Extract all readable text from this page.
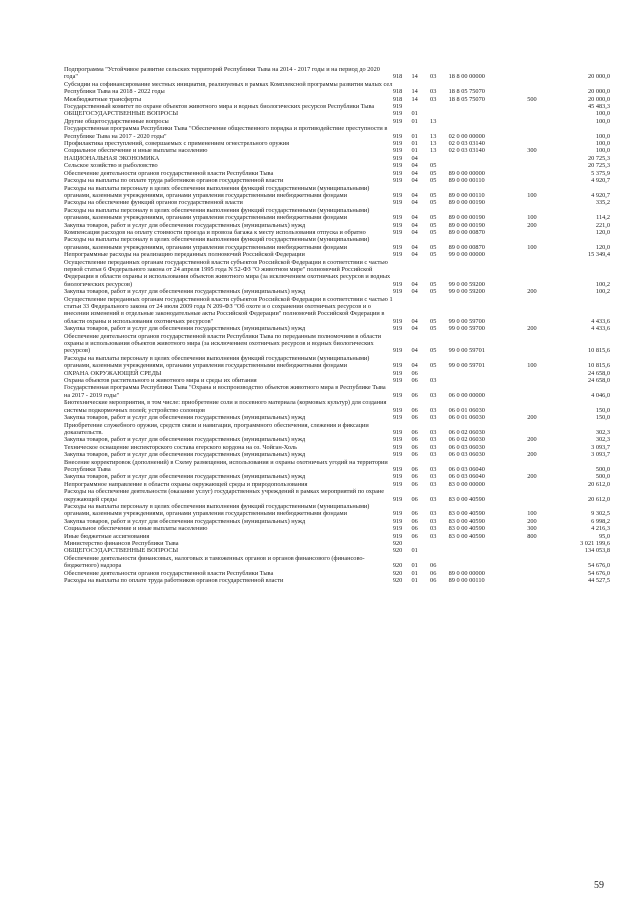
Подпрограмма "Устойчивое развитие сельских территорий Республики Тыва на 2014 - 2017 годы и на период до 2020 года"	918	14	03	18 8 00 00000		20 000,0
Субсидии на софинансирование местных инициатив, реализуемых в рамках Комплексной программы развития малых сел Республики Тыва на 2018 - 2022 годы	918	14	03	18 8 05 75070		20 000,0
Межбюджетные трансферты	918	14	03	18 8 05 75070	500	20 000,0
Государственный комитет по охране объектов животного мира и водных биологических ресурсов Республики Тыва	919					45 483,3
ОБЩЕГОСУДАРСТВЕННЫЕ ВОПРОСЫ	919	01				100,0
Другие общегосударственные вопросы	919	01	13			100,0
Государственная программа Республики Тыва "Обеспечение общественного порядка и противодействие преступности в Республике Тыва на 2017 - 2020 годы"	919	01	13	02 0 00 00000		100,0
Профилактика преступлений, совершаемых с применением огнестрельного оружия	919	01	13	02 0 03 03140		100,0
Социальное обеспечение и иные выплаты населению	919	01	13	02 0 03 03140	300	100,0
НАЦИОНАЛЬНАЯ ЭКОНОМИКА	919	04				20 725,3
Сельское хозяйство и рыболовство	919	04	05			20 725,3
Обеспечение деятельности органов государственной власти Республики Тыва	919	04	05	89 0 00 00000		5 375,9
Расходы на выплаты по оплате труда работников органов государственной власти	919	04	05	89 0 00 00110		4 920,7
Расходы на выплаты персоналу в целях обеспечения выполнения функций государственными (муниципальными) органами, казенными учреждениями, органами управления государственными внебюджетными фондами	919	04	05	89 0 00 00110	100	4 920,7
Расходы на обеспечение функций органов государственной власти	919	04	05	89 0 00 00190		335,2
Расходы на выплаты персоналу в целях обеспечения выполнения функций государственными (муниципальными) органами, казенными учреждениями, органами управления государственными внебюджетными фондами	919	04	05	89 0 00 00190	100	114,2
Закупка товаров, работ и услуг для обеспечения государственных (муниципальных) нужд	919	04	05	89 0 00 00190	200	221,0
Компенсация расходов на оплату стоимости проезда и провоза багажа к месту использования отпуска и обратно	919	04	05	89 0 00 00870		120,0
Расходы на выплаты персоналу в целях обеспечения выполнения функций государственными (муниципальными) органами, казенными учреждениями, органами управления государственными внебюджетными фондами	919	04	05	89 0 00 00870	100	120,0
Непрограммные расходы на реализацию переданных полномочий Российской Федерации	919	04	05	99 0 00 00000		15 349,4
Осуществление переданных органам государственной власти субъектов Российской Федерации в соответствии с частью первой статьи 6 Федерального закона от 24 апреля 1995 года N 52-ФЗ "О животном мире" полномочий Российской Федерации в области охраны и использования объектов животного мира (за исключением охотничьих ресурсов и водных биологических ресурсов)	919	04	05	99 0 00 59200		100,2
Закупка товаров, работ и услуг для обеспечения государственных (муниципальных) нужд	919	04	05	99 0 00 59200	200	100,2
Осуществление переданных органам государственной власти субъектов Российской Федерации в соответствии с частью 1 статьи 33 Федерального закона от 24 июля 2009 года N 209-ФЗ "Об охоте и о сохранении охотничьих ресурсов и о внесении изменений в отдельные законодательные акты Российской Федерации" полномочий Российской Федерации в области охраны и использования охотничьих ресурсов"	919	04	05	99 0 00 59700		4 433,6
Закупка товаров, работ и услуг для обеспечения государственных (муниципальных) нужд	919	04	05	99 0 00 59700	200	4 433,6
Обеспечение деятельности органов государственной власти Республики Тыва по переданным полномочиям в области охраны и использования объектов животного мира (за исключением охотничьих ресурсов и водных биологических ресурсов)	919	04	05	99 0 00 59701		10 815,6
Расходы на выплаты персоналу в целях обеспечения выполнения функций государственными (муниципальными) органами, казенными учреждениями, органами управления государственными внебюджетными фондами	919	04	05	99 0 00 59701	100	10 815,6
ОХРАНА ОКРУЖАЮЩЕЙ СРЕДЫ	919	06				24 658,0
Охрана объектов растительного и животного мира и среды их обитания	919	06	03			24 658,0
Государственная программа Республики Тыва "Охрана и воспроизводство объектов животного мира в Республике Тыва на 2017 - 2019 годы"	919	06	03	06 0 00 00000		4 046,0
Биотехнические мероприятия, в том числе: приобретение соли и посевного материала (кормовых культур) для создания системы подкормочных полей; устройство солонцов	919	06	03	06 0 01 06030		150,0
Закупка товаров, работ и услуг для обеспечения государственных (муниципальных) нужд	919	06	03	06 0 01 06030	200	150,0
Приобретение служебного оружия, средств связи и навигации, программного обеспечения, слежения и фиксации доказательств.	919	06	03	06 0 02 06030		302,3
Закупка товаров, работ и услуг для обеспечения государственных (муниципальных) нужд	919	06	03	06 0 02 06030	200	302,3
Техническое оснащение инспекторского состава егерского кордона на оз. Чойган-Холь	919	06	03	06 0 03 06030		3 093,7
Закупка товаров, работ и услуг для обеспечения государственных (муниципальных) нужд	919	06	03	06 0 03 06030	200	3 093,7
Внесение корректировок (дополнений) в Схему размещения, использования и охраны охотничьих угодий на территории Республики Тыва	919	06	03	06 0 03 06040		500,0
Закупка товаров, работ и услуг для обеспечения государственных (муниципальных) нужд	919	06	03	06 0 03 06040	200	500,0
Непрограммное направление в области охраны окружающей среды и природопользования	919	06	03	83 0 00 00000		20 612,0
Расходы на обеспечение деятельности (оказание услуг) государственных учреждений в рамках мероприятий по охране окружающей среды	919	06	03	83 0 00 40590		20 612,0
Расходы на выплаты персоналу в целях обеспечения выполнения функций государственными (муниципальными) органами, казенными учреждениями, органами управления государственными внебюджетными фондами	919	06	03	83 0 00 40590	100	9 302,5
Закупка товаров, работ и услуг для обеспечения государственных (муниципальных) нужд	919	06	03	83 0 00 40590	200	6 998,2
Социальное обеспечение и иные выплаты населению	919	06	03	83 0 00 40590	300	4 216,3
Иные бюджетные ассигнования	919	06	03	83 0 00 40590	800	95,0
Министерство финансов Республики Тыва	920					3 021 199,6
ОБЩЕГОСУДАРСТВЕННЫЕ ВОПРОСЫ	920	01				134 053,8
Обеспечение деятельности финансовых, налоговых и таможенных органов и органов финансового (финансово-бюджетного) надзора	920	01	06			54 676,0
Обеспечение деятельности органов государственной власти Республики Тыва	920	01	06	89 0 00 00000		54 676,0
Расходы на выплаты по оплате труда работников органов государственной власти	920	01	06	89 0 00 00110		44 527,5
59
